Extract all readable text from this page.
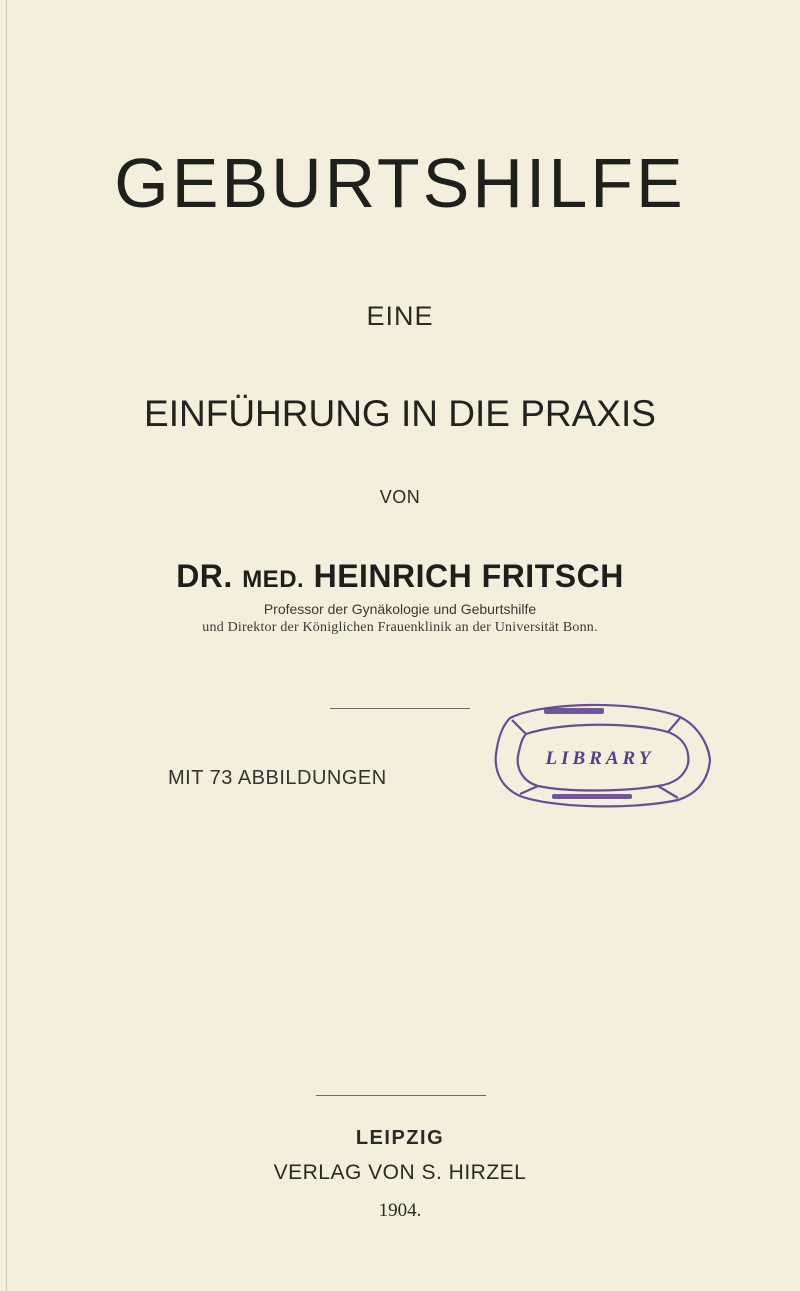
GEBURTSHILFE
EINE
EINFÜHRUNG IN DIE PRAXIS
VON
DR. MED. HEINRICH FRITSCH
Professor der Gynäkologie und Geburtshilfe
und Direktor der Königlichen Frauenklinik an der Universität Bonn.
MIT 73 ABBILDUNGEN
LIBRARY
LEIPZIG
VERLAG VON S. HIRZEL
1904.
